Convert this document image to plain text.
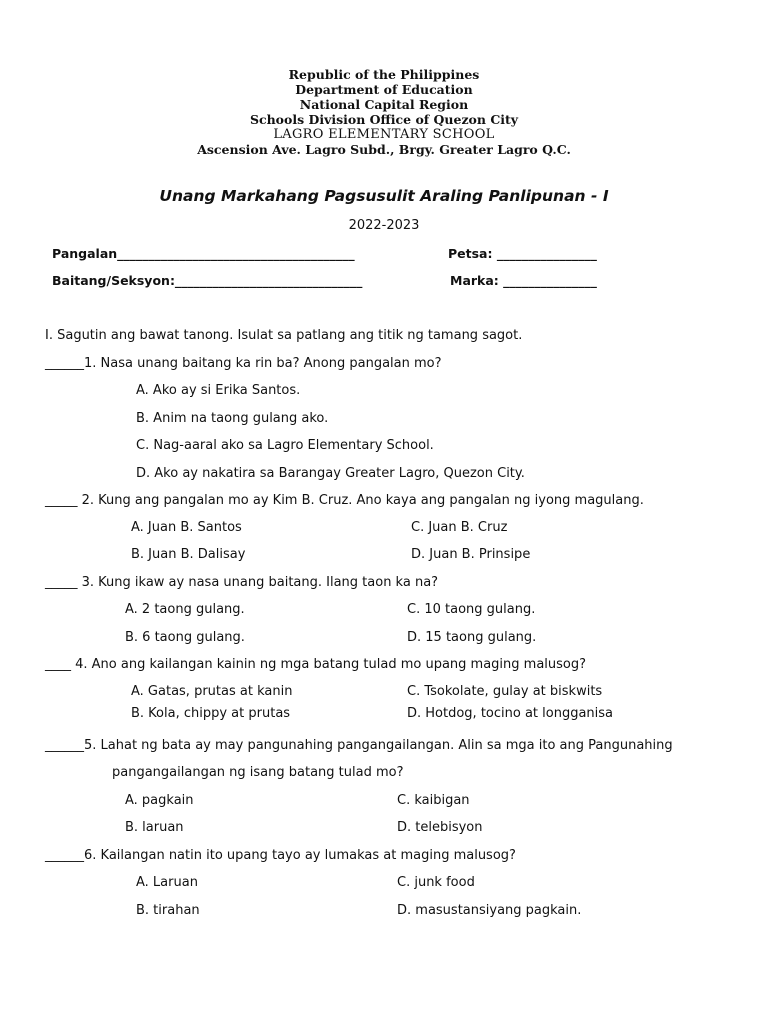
Republic of the Philippines
Department of Education
National Capital Region
Schools Division Office of Quezon City
LAGRO ELEMENTARY SCHOOL
Ascension Ave. Lagro Subd., Brgy. Greater Lagro Q.C.
Unang Markahang Pagsusulit Araling Panlipunan - I
2022-2023
Pangalan______________________________________	Petsa: ________________
Baitang/Seksyon:______________________________	Marka: _______________
I. Sagutin ang bawat tanong. Isulat sa patlang ang titik ng tamang sagot.
______1. Nasa unang baitang ka rin ba? Anong pangalan mo?
A. Ako ay si Erika Santos.
B. Anim na taong gulang ako.
C. Nag-aaral ako sa Lagro Elementary School.
D. Ako ay nakatira sa Barangay Greater Lagro, Quezon City.
_____ 2. Kung ang pangalan mo ay Kim B. Cruz. Ano kaya ang pangalan ng iyong magulang.
A. Juan B. Santos
B. Juan B. Dalisay
C. Juan B. Cruz
D. Juan B. Prinsipe
_____ 3. Kung ikaw ay nasa unang baitang. Ilang taon ka na?
A. 2 taong gulang.
B. 6 taong gulang.
C. 10 taong gulang.
D. 15 taong gulang.
____ 4. Ano ang kailangan kainin ng mga batang tulad mo upang maging malusog?
A. Gatas, prutas at kanin
B. Kola, chippy at prutas
C. Tsokolate, gulay at biskwits
D. Hotdog, tocino at longganisa
______5. Lahat ng bata ay may pangunahing pangangailangan. Alin sa mga ito ang Pangunahing
pangangailangan ng isang batang tulad mo?
A. pagkain
B. laruan
C. kaibigan
D. telebisyon
______6. Kailangan natin ito upang tayo ay lumakas at maging malusog?
A. Laruan
B. tirahan
C. junk food
D. masustansiyang pagkain.
